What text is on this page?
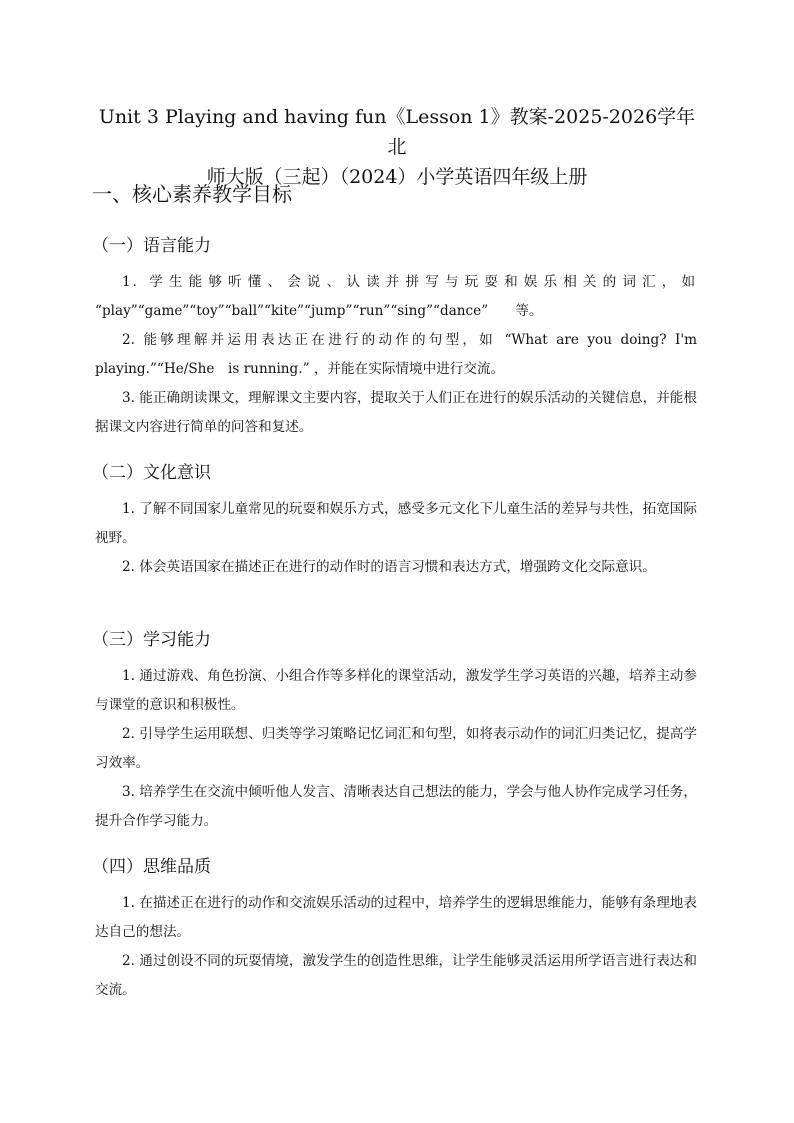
Unit 3 Playing and having fun《Lesson 1》教案-2025-2026学年北
师大版（三起）（2024）小学英语四年级上册
一、核心素养教学目标
（一）语言能力

1. 学生能够听懂、会说、认读并拼写与玩耍和娱乐相关的词汇，如
“play”“game”“toy”“ball”“kite”“jump”“run”“sing”“dance”　　等。

2. 能够理解并运用表达正在进行的动作的句型，如 “What are you doing? I'm
playing.”“He/She　is running.” ，并能在实际情境中进行交流。

3. 能正确朗读课文，理解课文主要内容，提取关于人们正在进行的娱乐活动的关键信息，并能根据课文内容进行简单的问答和复述。

（二）文化意识

1. 了解不同国家儿童常见的玩耍和娱乐方式，感受多元文化下儿童生活的差异与共性，拓宽国际视野。

2. 体会英语国家在描述正在进行的动作时的语言习惯和表达方式，增强跨文化交际意识。

（三）学习能力

1. 通过游戏、角色扮演、小组合作等多样化的课堂活动，激发学生学习英语的兴趣，培养主动参与课堂的意识和积极性。

2. 引导学生运用联想、归类等学习策略记忆词汇和句型，如将表示动作的词汇归类记忆，提高学习效率。

3. 培养学生在交流中倾听他人发言、清晰表达自己想法的能力，学会与他人协作完成学习任务，提升合作学习能力。

（四）思维品质

1. 在描述正在进行的动作和交流娱乐活动的过程中，培养学生的逻辑思维能力，能够有条理地表达自己的想法。

2. 通过创设不同的玩耍情境，激发学生的创造性思维，让学生能够灵活运用所学语言进行表达和交流。
